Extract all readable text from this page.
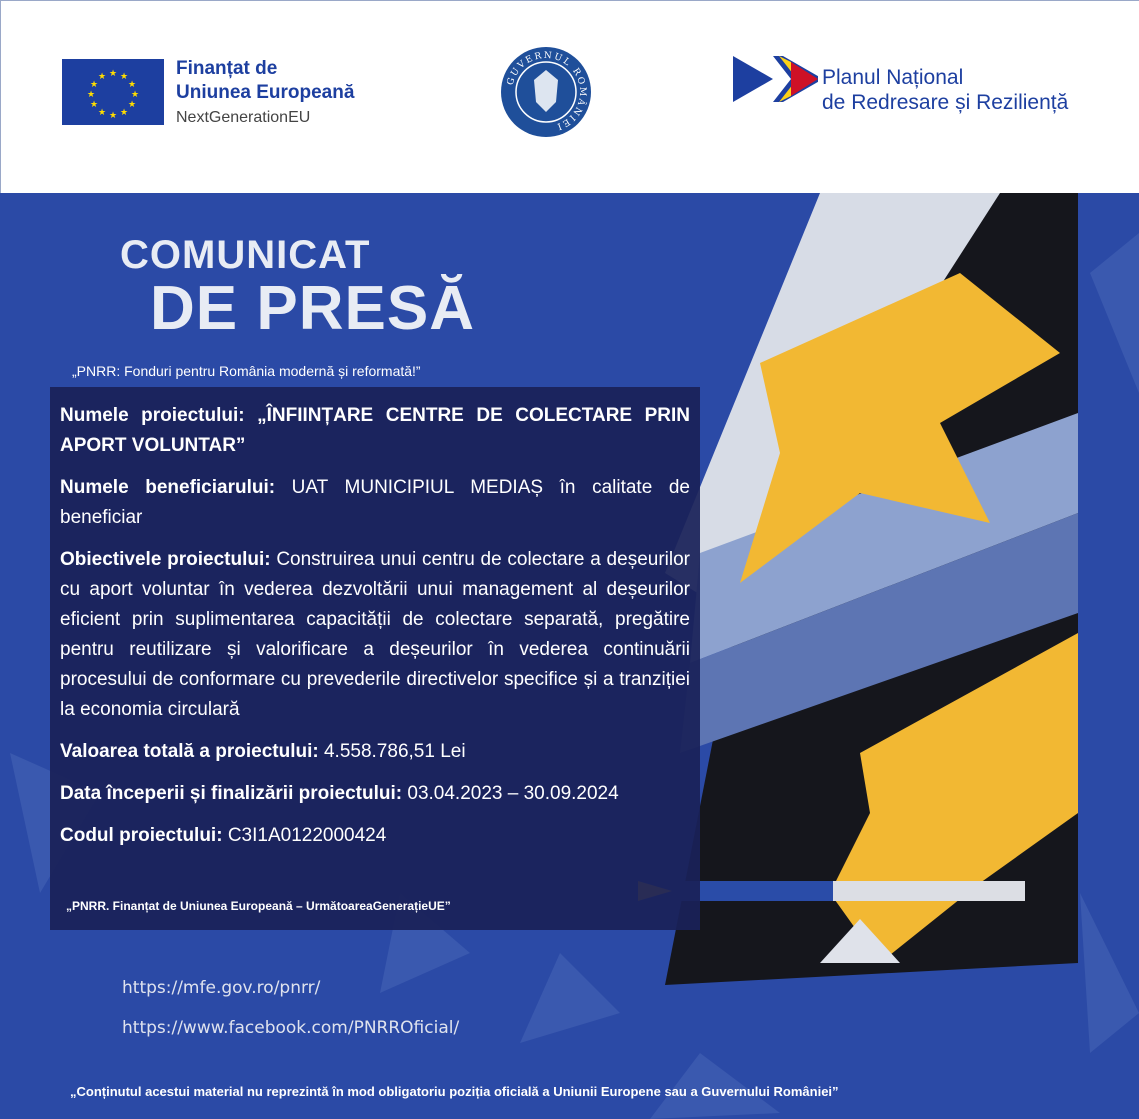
★ ★
★
★
★
★
★
★
★
★
★
★	Finanțat de
Uniunea Europeană
NextGenerationEU
GUVERNUL ROMÂNIEI
Planul Național
de Redresare și Reziliență
COMUNICAT
DE PRESĂ
„PNRR: Fonduri pentru România modernă și reformată!”

Numele proiectului: „ÎNFIINȚARE CENTRE DE COLECTARE PRIN APORT VOLUNTAR”

Numele beneficiarului: UAT MUNICIPIUL MEDIAȘ în calitate de beneficiar

Obiectivele proiectului: Construirea unui centru de colectare a deșeurilor cu aport voluntar în vederea dezvoltării unui management al deșeurilor eficient prin suplimentarea capacității de colectare separată, pregătire pentru reutilizare și valorificare a deșeurilor în vederea continuării procesului de conformare cu prevederile directivelor specifice și a tranziției la economia circulară

Valoarea totală a proiectului: 4.558.786,51 Lei

Data începerii și finalizării proiectului: 03.04.2023 – 30.09.2024

Codul proiectului: C3I1A0122000424

„PNRR. Finanțat de Uniunea Europeană – UrmătoareaGenerațieUE”
https://mfe.gov.ro/pnrr/
https://www.facebook.com/PNRROficial/
„Conținutul acestui material nu reprezintă în mod obligatoriu poziția oficială a Uniunii Europene sau a Guvernului României”
